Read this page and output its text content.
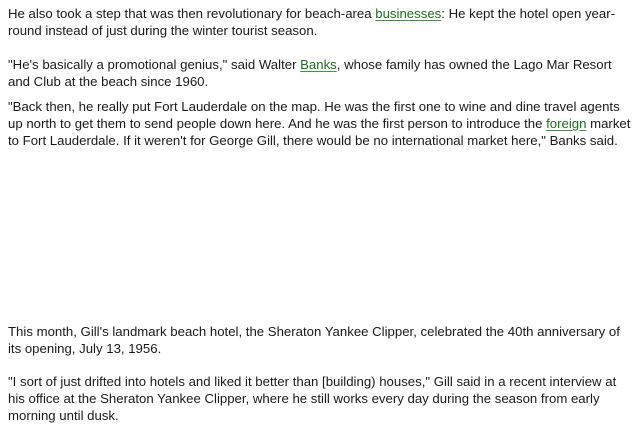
He also took a step that was then revolutionary for beach-area businesses: He kept the hotel open year-round instead of just during the winter tourist season.

"He's basically a promotional genius," said Walter Banks, whose family has owned the Lago Mar Resort and Club at the beach since 1960.

"Back then, he really put Fort Lauderdale on the map. He was the first one to wine and dine travel agents up north to get them to send people down here. And he was the first person to introduce the foreign market to Fort Lauderdale. If it weren't for George Gill, there would be no international market here," Banks said.

This month, Gill's landmark beach hotel, the Sheraton Yankee Clipper, celebrated the 40th anniversary of its opening, July 13, 1956.

"I sort of just drifted into hotels and liked it better than [building) houses," Gill said in a recent interview at his office at the Sheraton Yankee Clipper, where he still works every day during the season from early morning until dusk.
